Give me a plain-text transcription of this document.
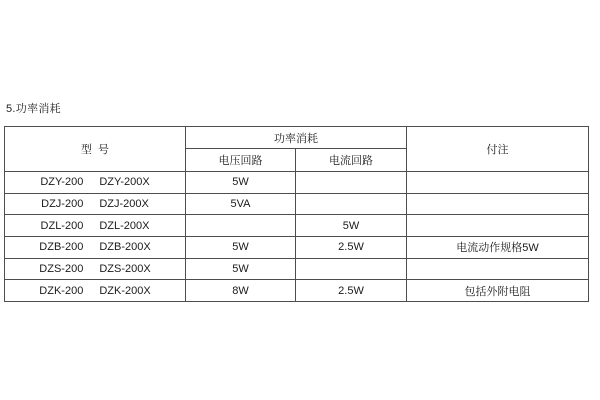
5.功率消耗
型  号	功率消耗		付注
	电压回路	电流回路	

DZY-200 DZY-200X	5W		

DZJ-200 DZJ-200X	5VA		

DZL-200 DZL-200X		5W	

DZB-200 DZB-200X	5W	2.5W	电流动作规格5W

DZS-200 DZS-200X	5W		

DZK-200 DZK-200X	8W	2.5W	包括外附电阻
